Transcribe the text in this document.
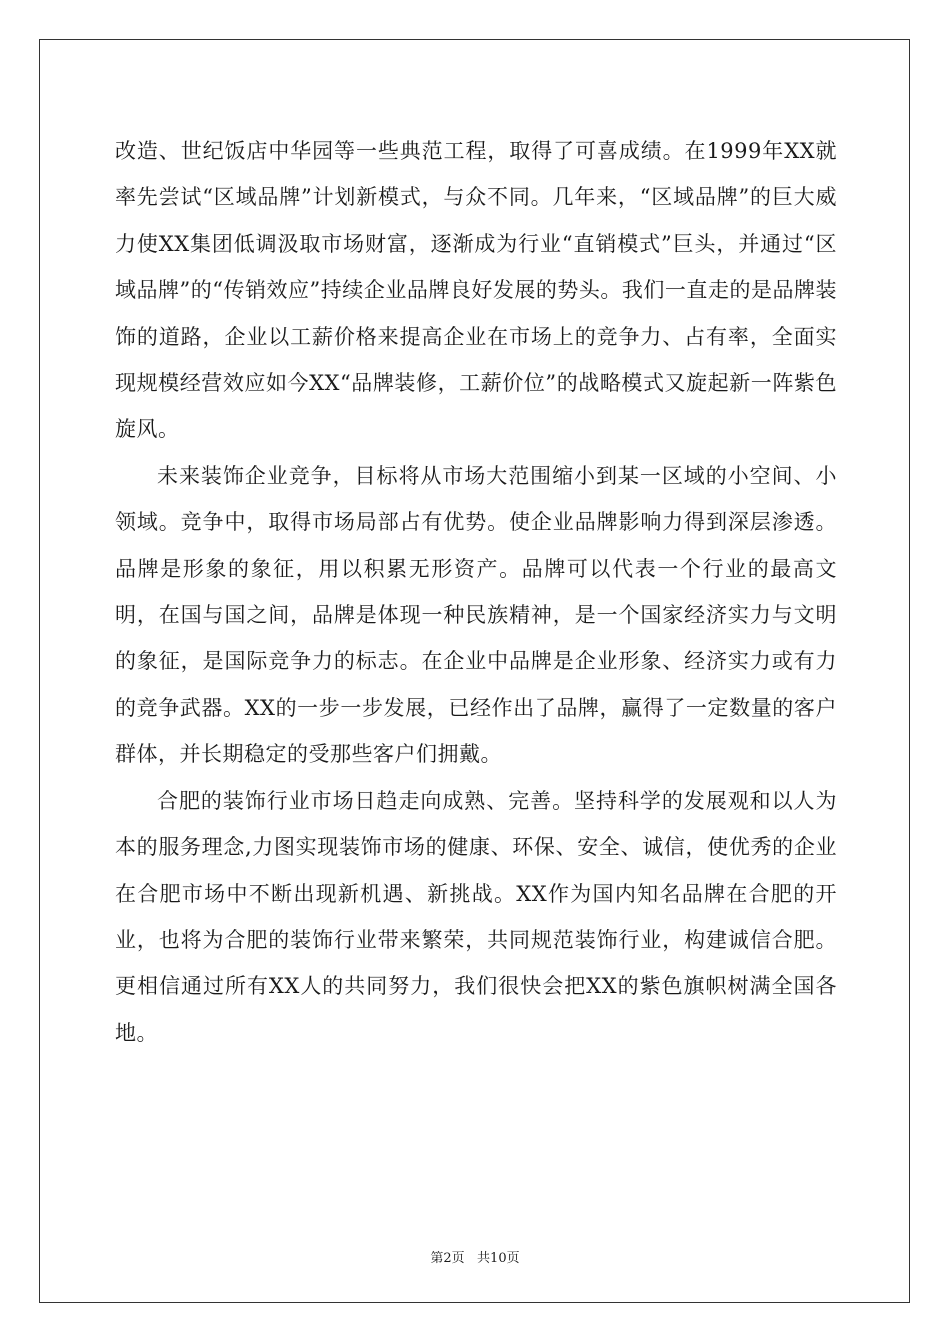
改造、世纪饭店中华园等一些典范工程，取得了可喜成绩。在1999年XX就率先尝试“区域品牌”计划新模式，与众不同。几年来，“区域品牌”的巨大威力使XX集团低调汲取市场财富，逐渐成为行业“直销模式”巨头，并通过“区域品牌”的“传销效应”持续企业品牌良好发展的势头。我们一直走的是品牌装饰的道路，企业以工薪价格来提高企业在市场上的竞争力、占有率，全面实现规模经营效应如今XX“品牌装修，工薪价位”的战略模式又旋起新一阵紫色旋风。

未来装饰企业竞争，目标将从市场大范围缩小到某一区域的小空间、小领域。竞争中，取得市场局部占有优势。使企业品牌影响力得到深层渗透。品牌是形象的象征，用以积累无形资产。品牌可以代表一个行业的最高文明，在国与国之间，品牌是体现一种民族精神，是一个国家经济实力与文明的象征，是国际竞争力的标志。在企业中品牌是企业形象、经济实力或有力的竞争武器。XX的一步一步发展，已经作出了品牌，赢得了一定数量的客户群体，并长期稳定的受那些客户们拥戴。

合肥的装饰行业市场日趋走向成熟、完善。坚持科学的发展观和以人为本的服务理念,力图实现装饰市场的健康、环保、安全、诚信，使优秀的企业在合肥市场中不断出现新机遇、新挑战。XX作为国内知名品牌在合肥的开业，也将为合肥的装饰行业带来繁荣，共同规范装饰行业，构建诚信合肥。更相信通过所有XX人的共同努力，我们很快会把XX的紫色旗帜树满全国各地。

第2页   共10页
